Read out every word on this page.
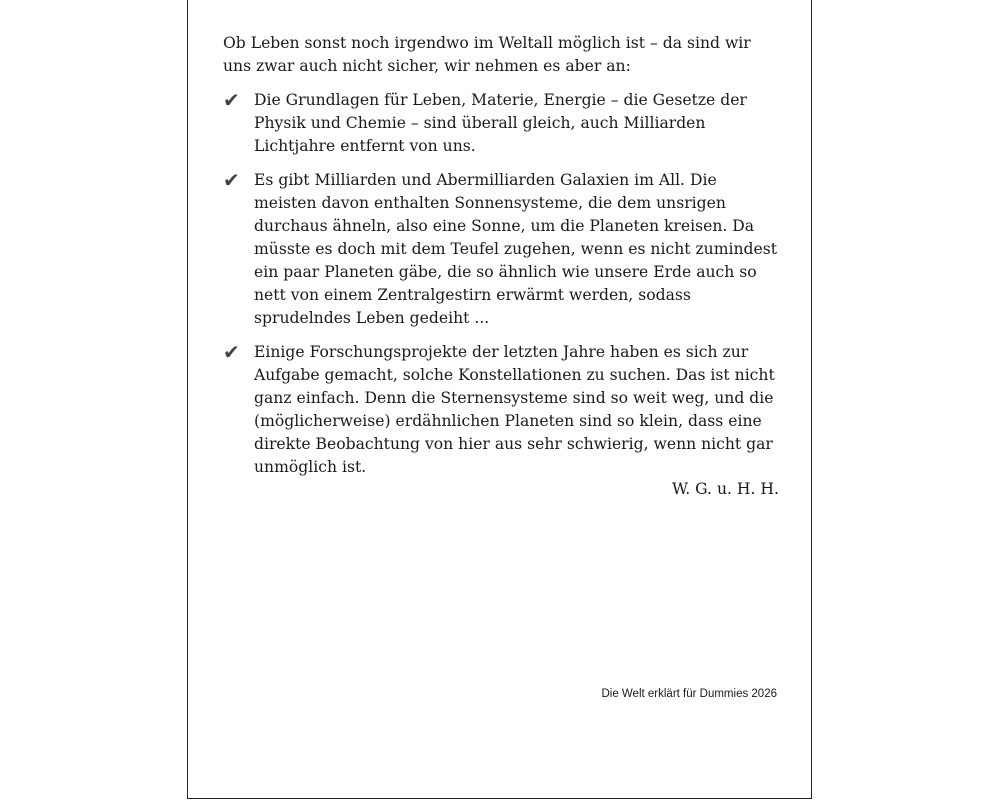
Ob Leben sonst noch irgendwo im Weltall möglich ist – da sind wir uns zwar auch nicht sicher, wir nehmen es aber an:

✔ Die Grundlagen für Leben, Materie, Energie – die Gesetze der Physik und Chemie – sind überall gleich, auch Milliarden Lichtjahre entfernt von uns.
✔ Es gibt Milliarden und Abermilliarden Galaxien im All. Die meisten davon enthalten Sonnensysteme, die dem unsrigen durchaus ähneln, also eine Sonne, um die Planeten kreisen. Da müsste es doch mit dem Teufel zugehen, wenn es nicht zumindest ein paar Planeten gäbe, die so ähnlich wie unsere Erde auch so nett von einem Zentralgestirn erwärmt werden, sodass sprudelndes Leben gedeiht ...
✔ Einige Forschungsprojekte der letzten Jahre haben es sich zur Aufgabe gemacht, solche Konstellationen zu suchen. Das ist nicht ganz einfach. Denn die Sternensysteme sind so weit weg, und die (möglicherweise) erdähnlichen Planeten sind so klein, dass eine direkte Beobachtung von hier aus sehr schwierig, wenn nicht gar unmöglich ist.
W. G. u. H. H.
Die Welt erklärt für Dummies 2026
